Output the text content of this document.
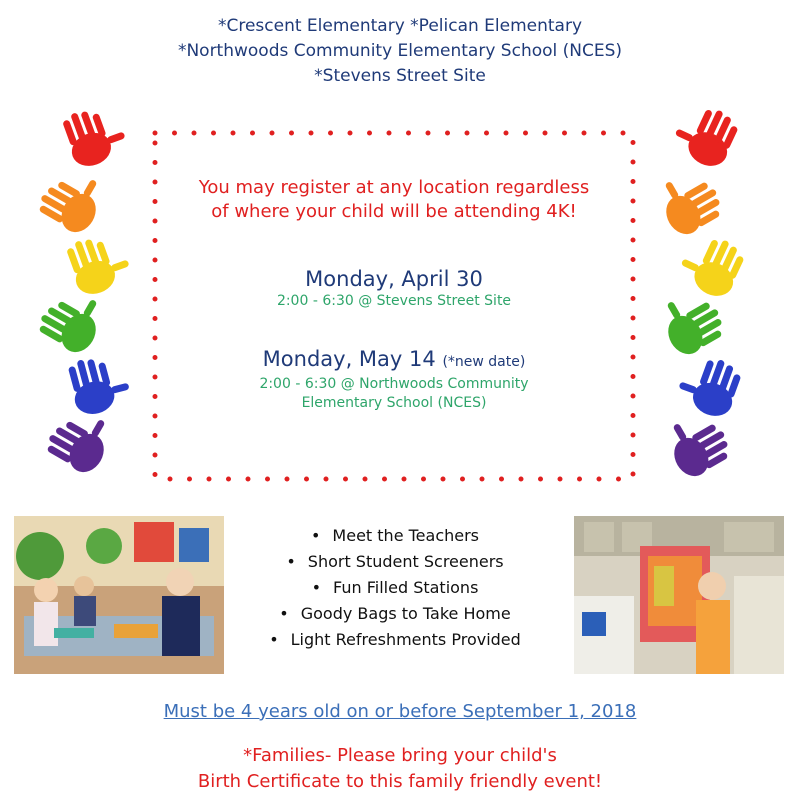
*Crescent Elementary *Pelican Elementary
*Northwoods Community Elementary School (NCES)
*Stevens Street Site
You may register at any location regardless
of where your child will be attending 4K!
Monday, April 30
2:00 - 6:30 @ Stevens Street Site
Monday, May 14 (*new date)
2:00 - 6:30 @ Northwoods Community
Elementary School (NCES)
• Meet the Teachers
• Short Student Screeners
• Fun Filled Stations
• Goody Bags to Take Home
• Light Refreshments Provided
Must be 4 years old on or before September 1, 2018
*Families- Please bring your child's
Birth Certificate to this family friendly event!
